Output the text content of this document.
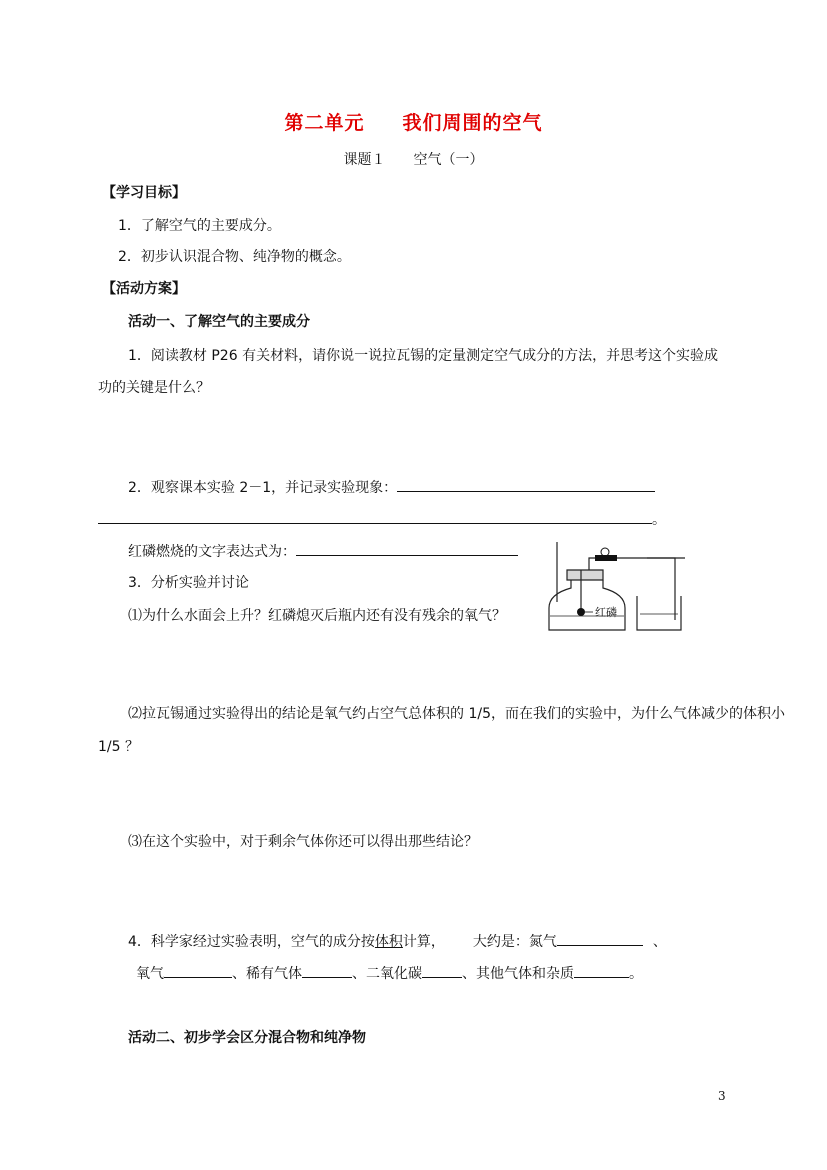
第二单元 我们周围的空气
课题１ 空气（一）
【学习目标】
1．了解空气的主要成分。
2．初步认识混合物、纯净物的概念。
【活动方案】
活动一、了解空气的主要成分
1．阅读教材 P26 有关材料，请你说一说拉瓦锡的定量测定空气成分的方法，并思考这个实验成
功的关键是什么？
2．观察课本实验 2－1，并记录实验现象：
。
红磷燃烧的文字表达式为：
3．分析实验并讨论
⑴为什么水面会上升？红磷熄灭后瓶内还有没有残余的氧气？	红磷
⑵拉瓦锡通过实验得出的结论是氧气约占空气总体积的 1/5，而在我们的实验中，为什么气体减少的体积小
1/5 ？
⑶在这个实验中，对于剩余气体你还可以得出那些结论？
4．科学家经过实验表明，空气的成分按体积计算， 大约是：氮气	、
氧气	、稀有气体	、二氧化碳	、其他气体和杂质	。
活动二、初步学会区分混合物和纯净物
3
